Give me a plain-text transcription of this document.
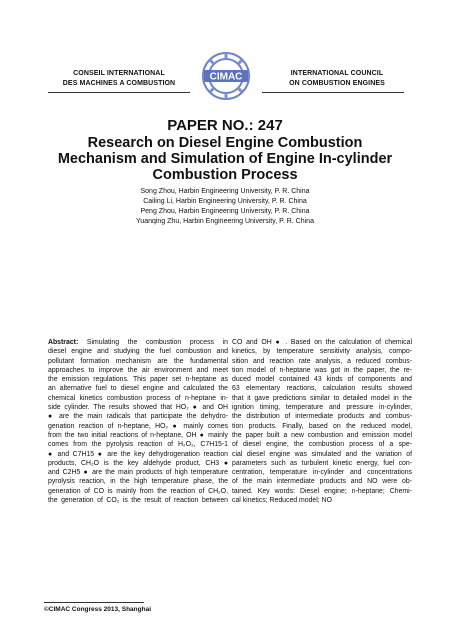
CONSEIL INTERNATIONAL
DES MACHINES A COMBUSTION
CIMAC	INTERNATIONAL COUNCIL
ON COMBUSTION ENGINES
PAPER NO.: 247
Research on Diesel Engine Combustion
Mechanism and Simulation of Engine In-cylinder
Combustion Process
Song Zhou, Harbin Engineering University, P. R. China
Cailing Li, Harbin Engineering University, P. R. China
Peng Zhou, Harbin Engineering University, P. R. China
Yuanqing Zhu, Harbin Engineering University, P. R. China
Abstract: Simulating the combustion process in
diesel engine and studying the fuel combustion and
pollutant formation mechanism are the fundamental
approaches to improve the air environment and meet
the emission regulations. This paper set n-heptane as
an alternative fuel to diesel engine and calculated the
chemical kinetics combustion process of n-heptane in-
side cylinder. The results showed that HO₂ ● and OH
● are the main radicals that participate the dehydro-
genation reaction of n-heptane, HO₂ ● mainly comes
from the two initial reactions of n-heptane, OH ● mainly
comes from the pyrolysis reaction of H₂O₂, C7H15-1
● and C7H15 ● are the key dehydrogenation reaction
products, CH₂O is the key aldehyde product, CH3 ●
and C2H5 ● are the main products of high temperature
pyrolysis reaction, in the high temperature phase, the
generation of CO is mainly from the reaction of CH₂O,
the generation of CO₂ is the result of reaction between
CO and OH ● . Based on the calculation of chemical
kinetics, by temperature sensitivity analysis, compo-
sition and reaction rate analysis, a reduced combus-
tion model of n-heptane was got in the paper, the re-
duced model contained 43 kinds of components and
63 elementary reactions, calculation results showed
that it gave predictions similar to detailed model in the
ignition timing, temperature and pressure in-cylinder,
the distribution of intermediate products and combus-
tion products. Finally, based on the reduced model,
the paper built a new combustion and emission model
of diesel engine, the combustion process of a spe-
cial diesel engine was simulated and the variation of
parameters such as turbulent kinetic energy, fuel con-
centration, temperature in-cylinder and concentrations
of the main intermediate products and NO were ob-
tained. Key words: Diesel engine; n-heptane; Chemi-
cal kinetics; Reduced model; NO
©CIMAC Congress 2013, Shanghai
